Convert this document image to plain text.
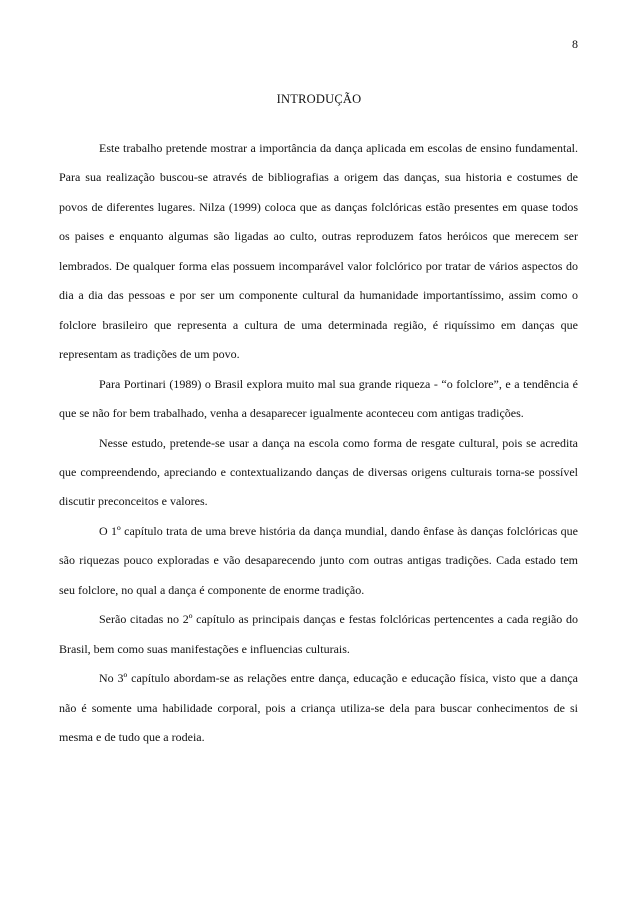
8
INTRODUÇÃO

Este trabalho pretende mostrar a importância da dança aplicada em escolas de ensino fundamental. Para sua realização buscou-se através de bibliografias a origem das danças, sua historia e costumes de povos de diferentes lugares. Nilza (1999) coloca que as danças folclóricas estão presentes em quase todos os paises e enquanto algumas são ligadas ao culto, outras reproduzem fatos heróicos que merecem ser lembrados. De qualquer forma elas possuem incomparável valor folclórico por tratar de vários aspectos do dia a dia das pessoas e por ser um componente cultural da humanidade importantíssimo, assim como o folclore brasileiro que representa a cultura de uma determinada região, é riquíssimo em danças que representam as tradições de um povo.

Para Portinari (1989) o Brasil explora muito mal sua grande riqueza - “o folclore”, e a tendência é que se não for bem trabalhado, venha a desaparecer igualmente aconteceu com antigas tradições.

Nesse estudo, pretende-se usar a dança na escola como forma de resgate cultural, pois se acredita que compreendendo, apreciando e contextualizando danças de diversas origens culturais torna-se possível discutir preconceitos e valores.

O 1º capítulo trata de uma breve história da dança mundial, dando ênfase às danças folclóricas que são riquezas pouco exploradas e vão desaparecendo junto com outras antigas tradições. Cada estado tem seu folclore, no qual a dança é componente de enorme tradição.

Serão citadas no 2º capítulo as principais danças e festas folclóricas pertencentes a cada região do Brasil, bem como suas manifestações e influencias culturais.

No 3º capítulo abordam-se as relações entre dança, educação e educação física, visto que a dança não é somente uma habilidade corporal, pois a criança utiliza-se dela para buscar conhecimentos de si mesma e de tudo que a rodeia.
